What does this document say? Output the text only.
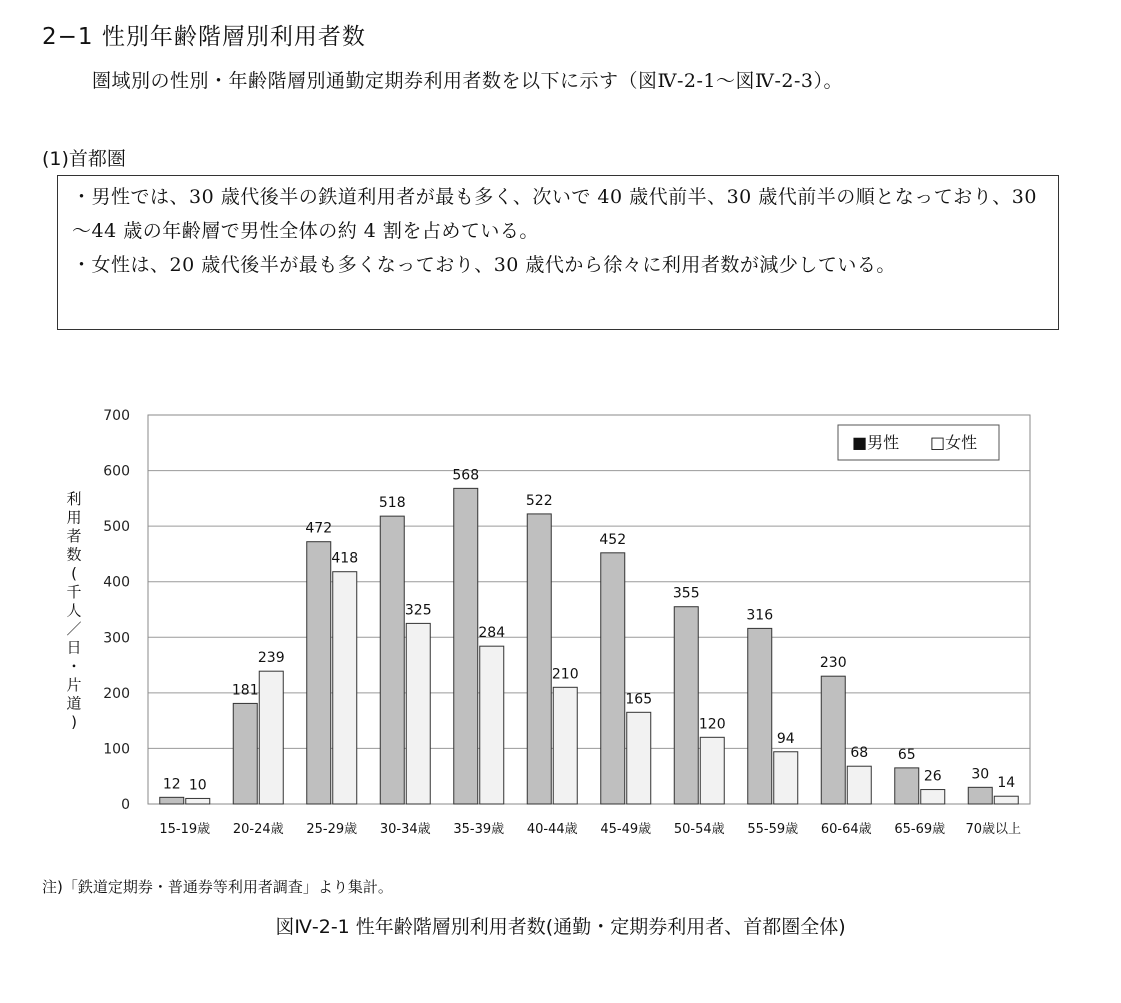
2−1 性別年齢階層別利用者数
圏域別の性別・年齢階層別通勤定期券利用者数を以下に示す（図Ⅳ-2-1～図Ⅳ-2-3）。
(1)首都圏

・男性では、30 歳代後半の鉄道利用者が最も多く、次いで 40 歳代前半、30 歳代前半の順となっており、30～44 歳の年齢層で男性全体の約 4 割を占めている。

・女性は、20 歳代後半が最も多くなっており、30 歳代から徐々に利用者数が減少している。

0
100
200
300
400
500
600
700
12 10
15-19歳
181
239
20-24歳
472
418
25-29歳
518
325
30-34歳
568
284
35-39歳
522
210
40-44歳
452
165
45-49歳
355
120
50-54歳
316
94
55-59歳
230
68
60-64歳
65
26
65-69歳
30
14
70歳以上
利
用
者
数
(
千
人
／
日
・
片
道
)
■男性 □女性
注)「鉄道定期券・普通券等利用者調査」より集計。
図Ⅳ-2-1 性年齢階層別利用者数(通勤・定期券利用者、首都圏全体)
